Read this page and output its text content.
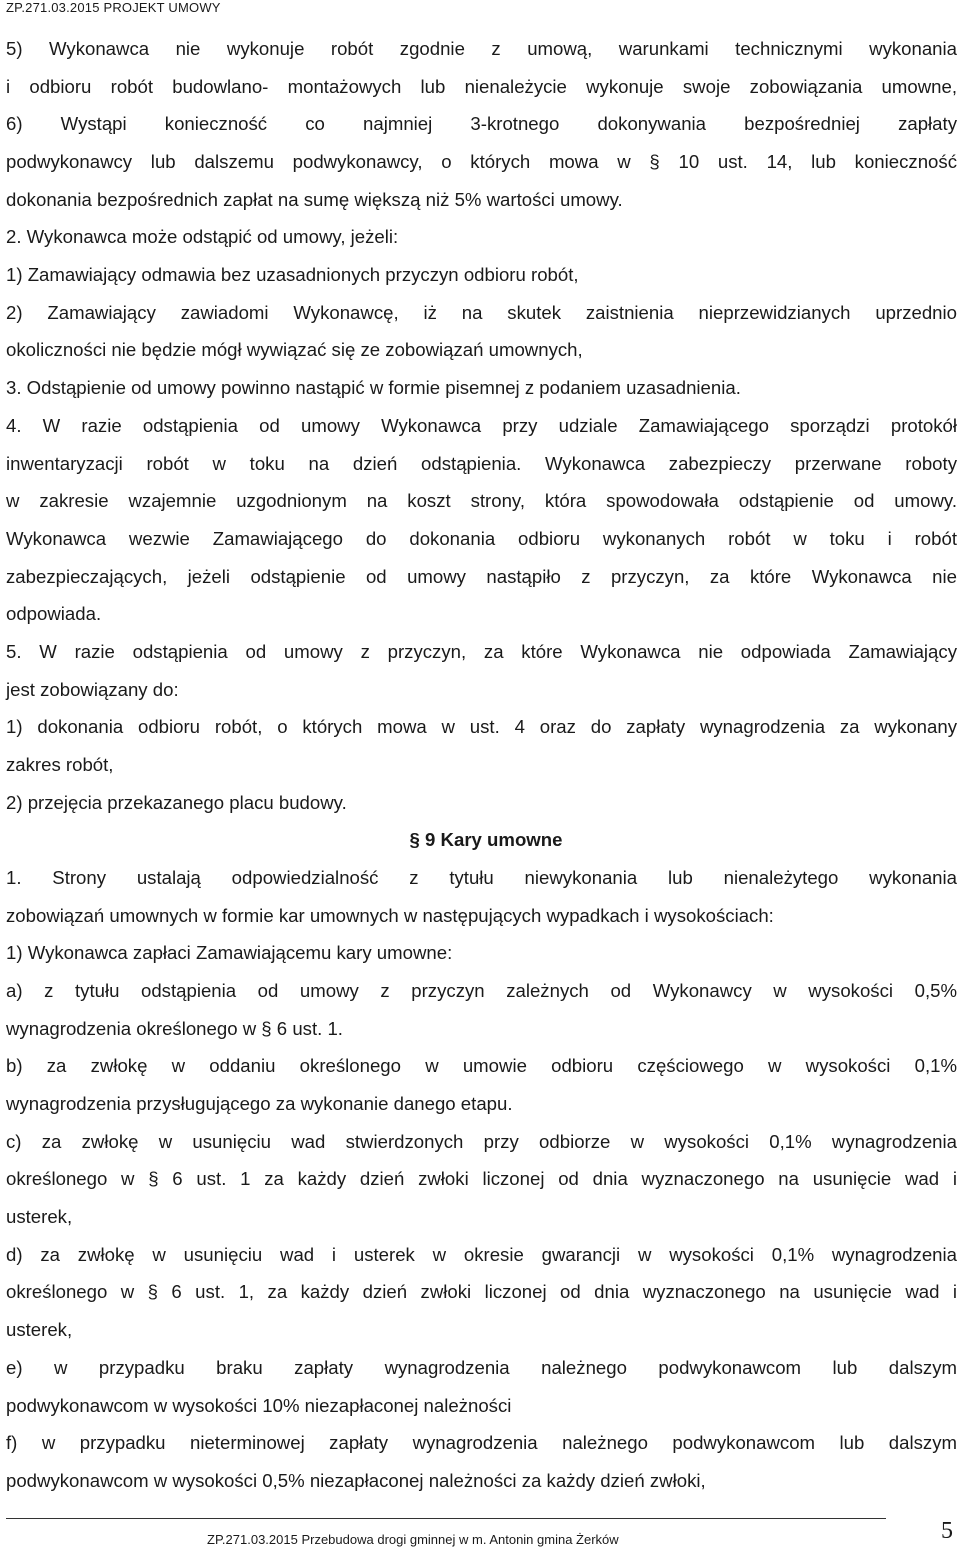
ZP.271.03.2015 PROJEKT UMOWY
5) Wykonawca nie wykonuje robót zgodnie z umową, warunkami technicznymi wykonania
i odbioru robót budowlano- montażowych lub nienależycie wykonuje swoje zobowiązania umowne,
6) Wystąpi konieczność co najmniej 3-krotnego dokonywania bezpośredniej zapłaty
podwykonawcy lub dalszemu podwykonawcy, o których mowa w § 10 ust. 14, lub konieczność
dokonania bezpośrednich zapłat na sumę większą niż 5% wartości umowy.
2. Wykonawca może odstąpić od umowy, jeżeli:
1) Zamawiający odmawia bez uzasadnionych przyczyn odbioru robót,
2) Zamawiający zawiadomi Wykonawcę, iż na skutek zaistnienia nieprzewidzianych uprzednio
okoliczności nie będzie mógł wywiązać się ze zobowiązań umownych,
3. Odstąpienie od umowy powinno nastąpić w formie pisemnej z podaniem uzasadnienia.
4. W razie odstąpienia od umowy Wykonawca przy udziale Zamawiającego sporządzi protokół
inwentaryzacji robót w toku na dzień odstąpienia. Wykonawca zabezpieczy przerwane roboty
w zakresie wzajemnie uzgodnionym na koszt strony, która spowodowała odstąpienie od umowy.
Wykonawca wezwie Zamawiającego do dokonania odbioru wykonanych robót w toku i robót
zabezpieczających, jeżeli odstąpienie od umowy nastąpiło z przyczyn, za które Wykonawca nie
odpowiada.
5. W razie odstąpienia od umowy z przyczyn, za które Wykonawca nie odpowiada Zamawiający
jest zobowiązany do:
1) dokonania odbioru robót, o których mowa w ust. 4 oraz do zapłaty wynagrodzenia za wykonany
zakres robót,
2) przejęcia przekazanego placu budowy.
§ 9 Kary umowne
1. Strony ustalają odpowiedzialność z tytułu niewykonania lub nienależytego wykonania
zobowiązań umownych w formie kar umownych w następujących wypadkach i wysokościach:
1) Wykonawca zapłaci Zamawiającemu kary umowne:
a) z tytułu odstąpienia od umowy z przyczyn zależnych od Wykonawcy w wysokości 0,5%
wynagrodzenia określonego w § 6 ust. 1.
b) za zwłokę w oddaniu określonego w umowie odbioru częściowego w wysokości 0,1%
wynagrodzenia przysługującego za wykonanie danego etapu.
c) za zwłokę w usunięciu wad stwierdzonych przy odbiorze w wysokości 0,1% wynagrodzenia
określonego w § 6 ust. 1 za każdy dzień zwłoki liczonej od dnia wyznaczonego na usunięcie wad i
usterek,
d) za zwłokę w usunięciu wad i usterek w okresie gwarancji w wysokości 0,1% wynagrodzenia
określonego w § 6 ust. 1, za każdy dzień zwłoki liczonej od dnia wyznaczonego na usunięcie wad i
usterek,
e) w przypadku braku zapłaty wynagrodzenia należnego podwykonawcom lub dalszym
podwykonawcom w wysokości 10% niezapłaconej należności
f) w przypadku nieterminowej zapłaty wynagrodzenia należnego podwykonawcom lub dalszym
podwykonawcom w wysokości 0,5% niezapłaconej należności za każdy dzień zwłoki,
ZP.271.03.2015 Przebudowa drogi gminnej w m. Antonin gmina Żerków	5
